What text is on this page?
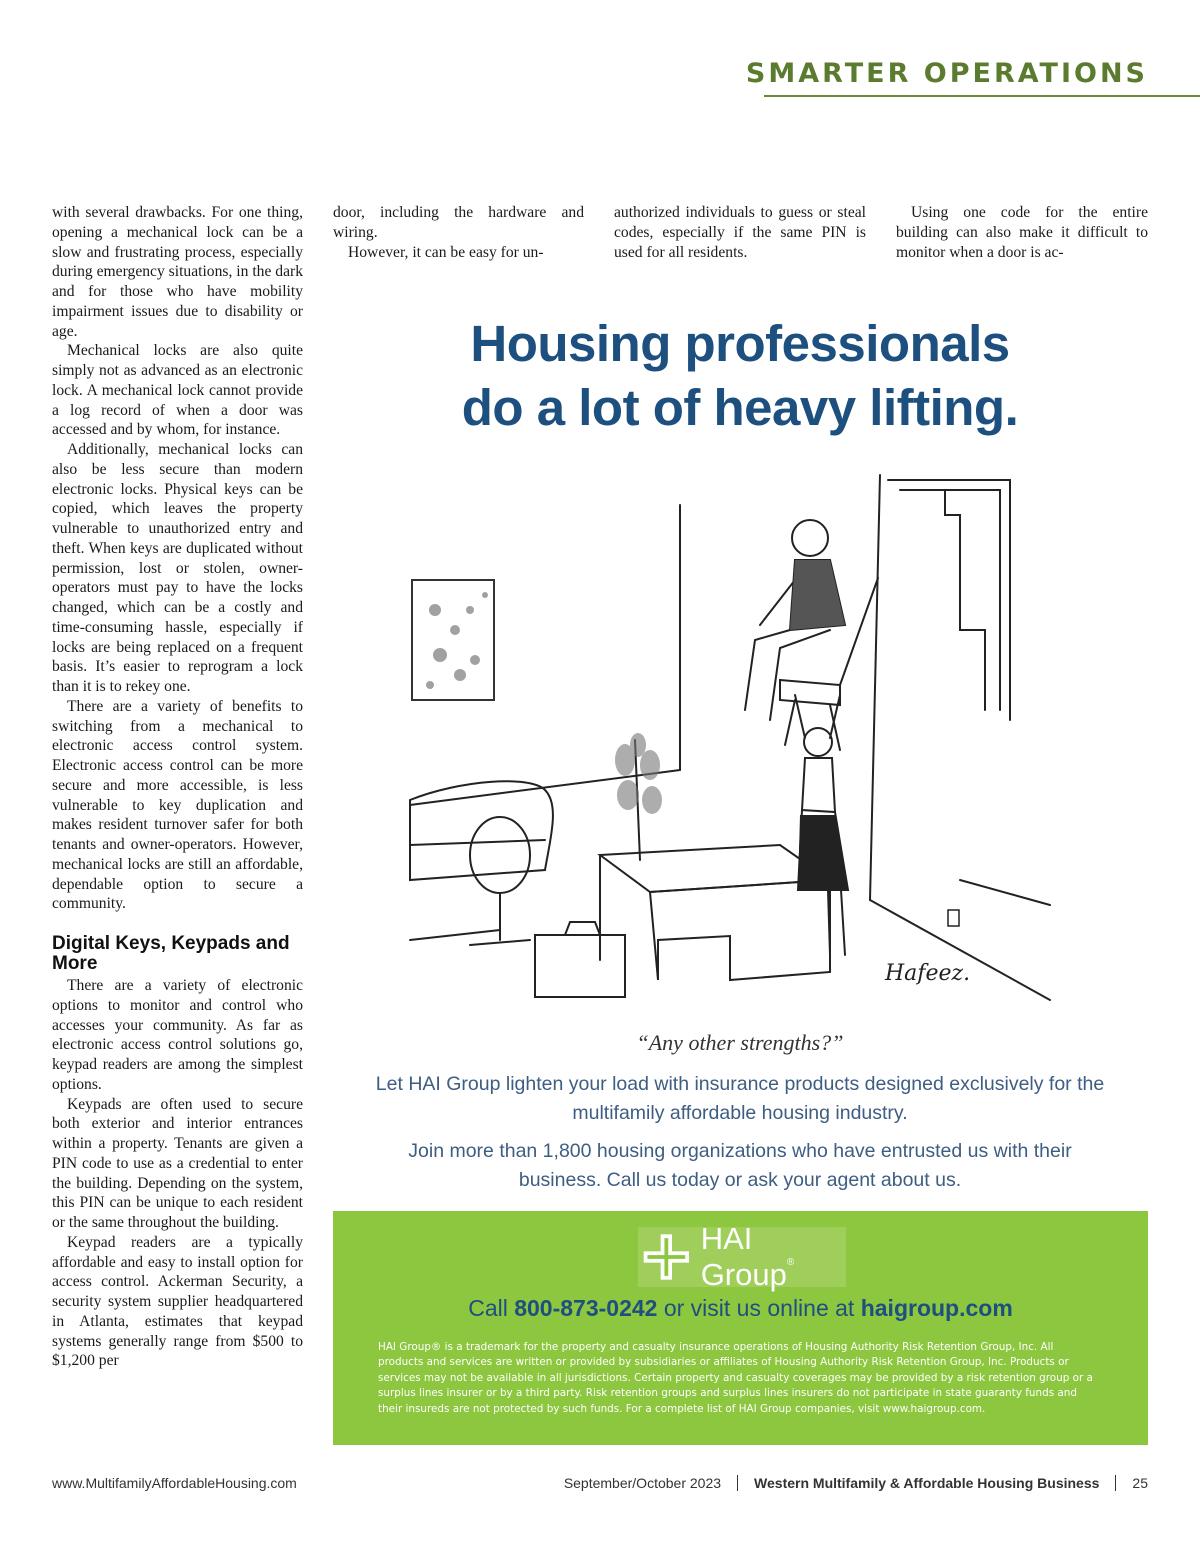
SMARTER OPERATIONS

with several drawbacks. For one thing, opening a mechanical lock can be a slow and frustrating process, especially during emergency situations, in the dark and for those who have mobility impairment issues due to disability or age.

Mechanical locks are also quite simply not as advanced as an electronic lock. A mechanical lock cannot provide a log record of when a door was accessed and by whom, for instance.

Additionally, mechanical locks can also be less secure than modern electronic locks. Physical keys can be copied, which leaves the property vulnerable to unauthorized entry and theft. When keys are duplicated without permission, lost or stolen, owner-operators must pay to have the locks changed, which can be a costly and time-consuming hassle, especially if locks are being replaced on a frequent basis. It’s easier to reprogram a lock than it is to rekey one.

There are a variety of benefits to switching from a mechanical to electronic access control system. Electronic access control can be more secure and more accessible, is less vulnerable to key duplication and makes resident turnover safer for both tenants and owner-operators. However, mechanical locks are still an affordable, dependable option to secure a community.

Digital Keys, Keypads and More

There are a variety of electronic options to monitor and control who accesses your community. As far as electronic access control solutions go, keypad readers are among the simplest options.

Keypads are often used to secure both exterior and interior entrances within a property. Tenants are given a PIN code to use as a credential to enter the building. Depending on the system, this PIN can be unique to each resident or the same throughout the building.

Keypad readers are a typically affordable and easy to install option for access control. Ackerman Security, a security system supplier headquartered in Atlanta, estimates that keypad systems generally range from $500 to $1,200 per

door, including the hardware and wiring.

However, it can be easy for un-

authorized individuals to guess or steal codes, especially if the same PIN is used for all residents.

Using one code for the entire building can also make it difficult to monitor when a door is ac-

Housing professionals
do a lot of heavy lifting.
Hafeez.
“Any other strengths?”
Let HAI Group lighten your load with insurance products designed exclusively for the multifamily affordable housing industry.
Join more than 1,800 housing organizations who have entrusted us with their business. Call us today or ask your agent about us.
HAI Group®
Call 800-873-0242 or visit us online at haigroup.com
HAI Group® is a trademark for the property and casualty insurance operations of Housing Authority Risk Retention Group, Inc. All products and services are written or provided by subsidiaries or affiliates of Housing Authority Risk Retention Group, Inc. Products or services may not be available in all jurisdictions. Certain property and casualty coverages may be provided by a risk retention group or a surplus lines insurer or by a third party. Risk retention groups and surplus lines insurers do not participate in state guaranty funds and their insureds are not protected by such funds. For a complete list of HAI Group companies, visit www.haigroup.com.
www.MultifamilyAffordableHousing.com	September/October 2023 Western Multifamily & Affordable Housing Business 25
